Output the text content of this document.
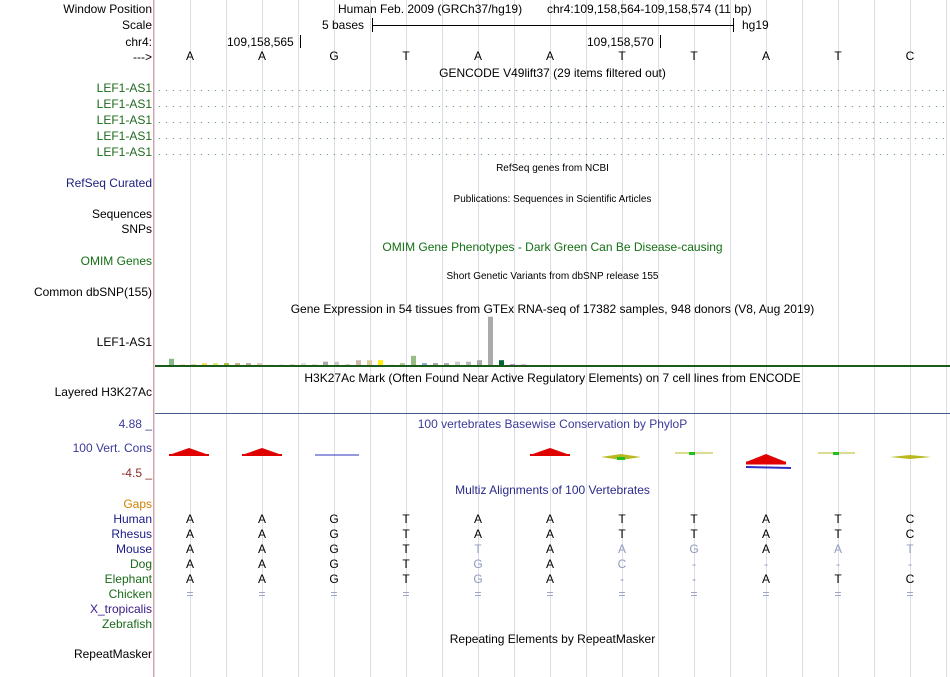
Window Position
Scale
chr4:
--->
Human Feb. 2009 (GRCh37/hg19) chr4:109,158,564-109,158,574 (11 bp)
5 bases	hg19
109,158,565	109,158,570
A	A	G	T	A	A	T	T	A	T	C
GENCODE V49lift37 (29 items filtered out)
LEF1-AS1
LEF1-AS1
LEF1-AS1
LEF1-AS1
LEF1-AS1
RefSeq genes from NCBI
RefSeq Curated
Publications: Sequences in Scientific Articles
Sequences
SNPs
OMIM Gene Phenotypes - Dark Green Can Be Disease-causing
OMIM Genes
Short Genetic Variants from dbSNP release 155
Common dbSNP(155)
Gene Expression in 54 tissues from GTEx RNA-seq of 17382 samples, 948 donors (V8, Aug 2019)
LEF1-AS1
H3K27Ac Mark (Often Found Near Active Regulatory Elements) on 7 cell lines from ENCODE
Layered H3K27Ac
100 vertebrates Basewise Conservation by PhyloP
4.88 _
100 Vert. Cons
-4.5 _
Multiz Alignments of 100 Vertebrates
Gaps
Human	A	A	G	T	A	A	T	T	A	T	C
Rhesus	A	A	G	T	A	A	T	T	A	T	C
Mouse	A	A	G	T	T	A	A	G	A	A	T
Dog	A	A	G	T	G	A	C	-	-	-	-
Elephant	A	A	G	T	G	A	-	-	A	T	C
Chicken	=	=	=	=	=	=	=	=	=	=	=
X_tropicalis
Zebrafish
Repeating Elements by RepeatMasker
RepeatMasker
